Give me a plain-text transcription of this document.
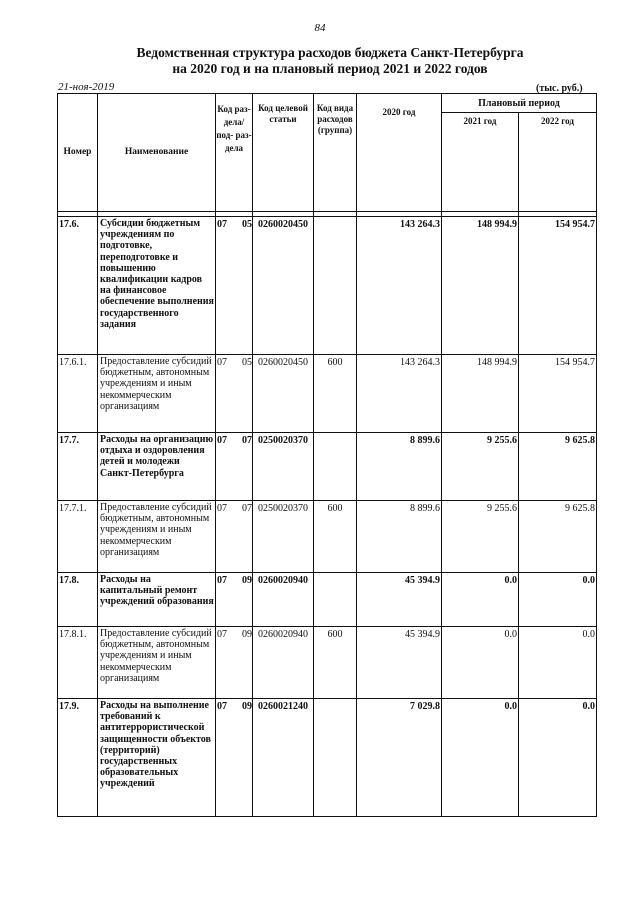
84
Ведомственная структура расходов бюджета Санкт-Петербурга
на 2020 год и на плановый период 2021 и 2022 годов
21-ноя-2019	(тыс. руб.)
Номер	Наименование	Код раз- дела/ под- раз- дела	Код целевой статьи	Код вида расходов (группа)	2020 год	Плановый период	
						2021 год	2022 год

17.6.	Субсидии бюджетным учреждениям по подготовке, переподготовке и повышению квалификации кадров на финансовое обеспечение выполнения государственного задания	07 05	0260020450		143 264.3	148 994.9	154 954.7
17.6.1.	Предоставление субсидий бюджетным, автономным учреждениям и иным некоммерческим организациям	07 05	0260020450	600	143 264.3	148 994.9	154 954.7
17.7.	Расходы на организацию отдыха и оздоровления детей и молодежи Санкт-Петербурга	07 07	0250020370		8 899.6	9 255.6	9 625.8
17.7.1.	Предоставление субсидий бюджетным, автономным учреждениям и иным некоммерческим организациям	07 07	0250020370	600	8 899.6	9 255.6	9 625.8
17.8.	Расходы на капитальный ремонт учреждений образования	07 09	0260020940		45 394.9	0.0	0.0
17.8.1.	Предоставление субсидий бюджетным, автономным учреждениям и иным некоммерческим организациям	07 09	0260020940	600	45 394.9	0.0	0.0
17.9.	Расходы на выполнение требований к антитеррористической защищенности объектов (территорий) государственных образовательных учреждений	07 09	0260021240		7 029.8	0.0	0.0
